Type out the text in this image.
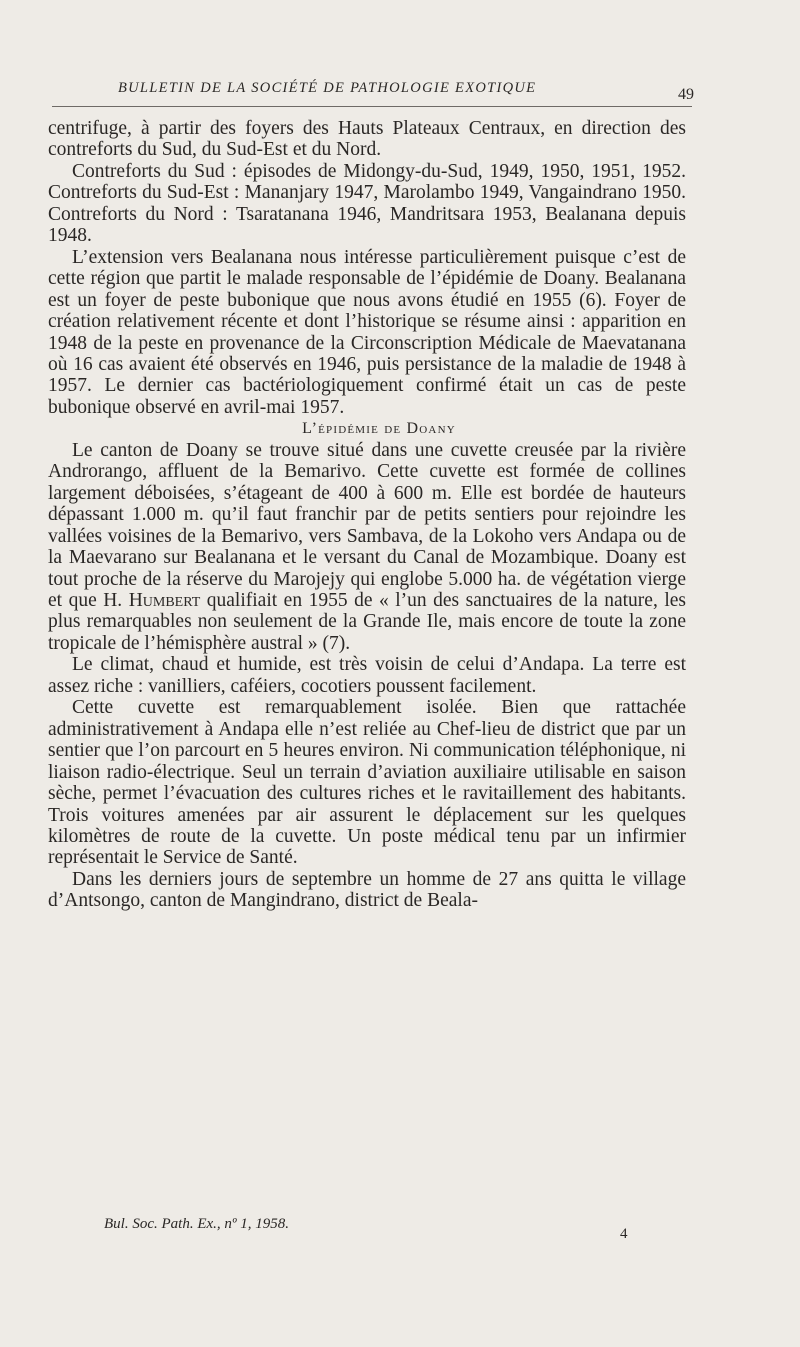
BULLETIN DE LA SOCIÉTÉ DE PATHOLOGIE EXOTIQUE	49

centrifuge, à partir des foyers des Hauts Plateaux Centraux, en direction des contreforts du Sud, du Sud-Est et du Nord.

Contreforts du Sud : épisodes de Midongy-du-Sud, 1949, 1950, 1951, 1952. Contreforts du Sud-Est : Mananjary 1947, Marolambo 1949, Vangaindrano 1950. Contreforts du Nord : Tsaratanana 1946, Mandritsara 1953, Bealanana depuis 1948.

L’extension vers Bealanana nous intéresse particulièrement puisque c’est de cette région que partit le malade responsable de l’épidémie de Doany. Bealanana est un foyer de peste bubonique que nous avons étudié en 1955 (6). Foyer de création relativement récente et dont l’historique se résume ainsi : apparition en 1948 de la peste en provenance de la Circonscription Médicale de Maevatanana où 16 cas avaient été observés en 1946, puis persistance de la maladie de 1948 à 1957. Le dernier cas bactériologiquement confirmé était un cas de peste bubonique observé en avril-mai 1957.

L’épidémie de Doany

Le canton de Doany se trouve situé dans une cuvette creusée par la rivière Androrango, affluent de la Bemarivo. Cette cuvette est formée de collines largement déboisées, s’étageant de 400 à 600 m. Elle est bordée de hauteurs dépassant 1.000 m. qu’il faut franchir par de petits sentiers pour rejoindre les vallées voisines de la Bemarivo, vers Sambava, de la Lokoho vers Andapa ou de la Maevarano sur Bealanana et le versant du Canal de Mozambique. Doany est tout proche de la réserve du Marojejy qui englobe 5.000 ha. de végétation vierge et que H. Humbert qualifiait en 1955 de « l’un des sanctuaires de la nature, les plus remarquables non seulement de la Grande Ile, mais encore de toute la zone tropicale de l’hémisphère austral » (7).

Le climat, chaud et humide, est très voisin de celui d’Andapa. La terre est assez riche : vanilliers, caféiers, cocotiers poussent facilement.

Cette cuvette est remarquablement isolée. Bien que rattachée administrativement à Andapa elle n’est reliée au Chef-lieu de district que par un sentier que l’on parcourt en 5 heures environ. Ni communication téléphonique, ni liaison radio-électrique. Seul un terrain d’aviation auxiliaire utilisable en saison sèche, permet l’évacuation des cultures riches et le ravitaillement des habitants. Trois voitures amenées par air assurent le déplacement sur les quelques kilomètres de route de la cuvette. Un poste médical tenu par un infirmier représentait le Service de Santé.

Dans les derniers jours de septembre un homme de 27 ans quitta le village d’Antsongo, canton de Mangindrano, district de Beala-

Bul. Soc. Path. Ex., nº 1, 1958.
4
